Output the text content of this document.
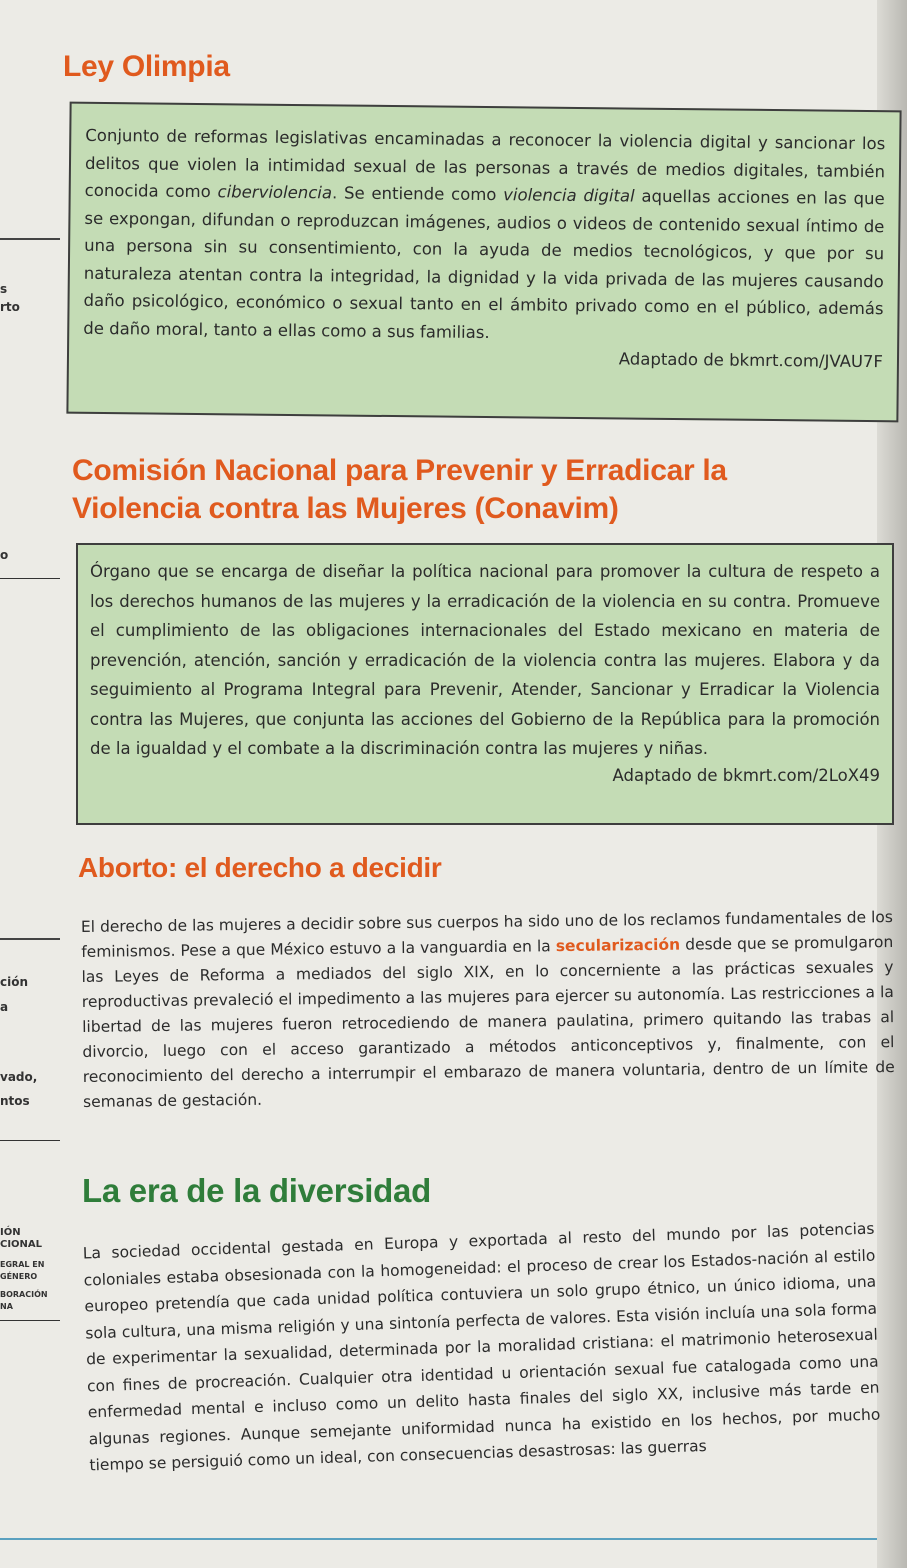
s
rto
o
ción
a
vado,
ntos
IÓN
CIONAL
EGRAL EN
GÉNERO
BORACIÓN
NA
Ley Olimpia
Conjunto de reformas legislativas encaminadas a reconocer la violencia digital y sancionar los delitos que violen la intimidad sexual de las personas a través de medios digitales, también conocida como ciberviolencia. Se entiende como violencia digital aquellas acciones en las que se expongan, difundan o reproduzcan imágenes, audios o videos de contenido sexual íntimo de una persona sin su consentimiento, con la ayuda de medios tecnológicos, y que por su naturaleza atentan contra la integridad, la dignidad y la vida privada de las mujeres causando daño psicológico, económico o sexual tanto en el ámbito privado como en el público, además de daño moral, tanto a ellas como a sus familias.
Adaptado de bkmrt.com/JVAU7F
Comisión Nacional para Prevenir y Erradicar la
Violencia contra las Mujeres (Conavim)
Órgano que se encarga de diseñar la política nacional para promover la cultura de respeto a los derechos humanos de las mujeres y la erradicación de la violencia en su contra. Promueve el cumplimiento de las obligaciones internacionales del Estado mexicano en materia de prevención, atención, sanción y erradicación de la violencia contra las mujeres. Elabora y da seguimiento al Programa Integral para Prevenir, Atender, Sancionar y Erradicar la Violencia contra las Mujeres, que conjunta las acciones del Gobierno de la República para la promoción de la igualdad y el combate a la discriminación contra las mujeres y niñas.
Adaptado de bkmrt.com/2LoX49
Aborto: el derecho a decidir

El derecho de las mujeres a decidir sobre sus cuerpos ha sido uno de los reclamos fundamentales de los feminismos. Pese a que México estuvo a la vanguardia en la secularización desde que se promulgaron las Leyes de Reforma a mediados del siglo XIX, en lo concerniente a las prácticas sexuales y reproductivas prevaleció el impedimento a las mujeres para ejercer su autonomía. Las restricciones a la libertad de las mujeres fueron retrocediendo de manera paulatina, primero quitando las trabas al divorcio, luego con el acceso garantizado a métodos anticonceptivos y, finalmente, con el reconocimiento del derecho a interrumpir el embarazo de manera voluntaria, dentro de un límite de semanas de gestación.

La era de la diversidad

La sociedad occidental gestada en Europa y exportada al resto del mundo por las potencias coloniales estaba obsesionada con la homogeneidad: el proceso de crear los Estados-nación al estilo europeo pretendía que cada unidad política contuviera un solo grupo étnico, un único idioma, una sola cultura, una misma religión y una sintonía perfecta de valores. Esta visión incluía una sola forma de experimentar la sexualidad, determinada por la moralidad cristiana: el matrimonio heterosexual con fines de procreación. Cualquier otra identidad u orientación sexual fue catalogada como una enfermedad mental e incluso como un delito hasta finales del siglo XX, inclusive más tarde en algunas regiones. Aunque semejante uniformidad nunca ha existido en los hechos, por mucho tiempo se persiguió como un ideal, con consecuencias desastrosas: las guerras
